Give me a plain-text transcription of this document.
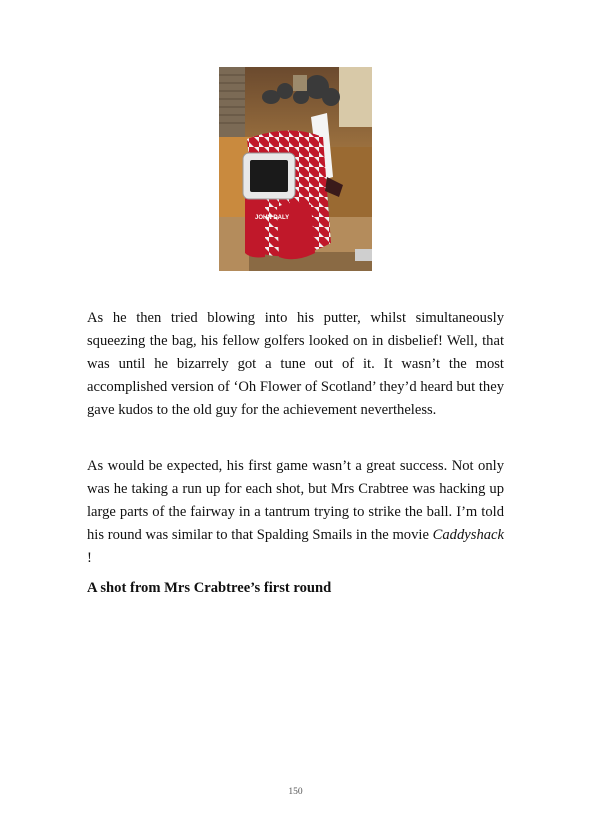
JOHN DALY

As he then tried blowing into his putter, whilst simultaneously squeezing the bag, his fellow golfers looked on in disbelief! Well, that was until he bizarrely got a tune out of it. It wasn’t the most accomplished version of ‘Oh Flower of Scotland’ they’d heard but they gave kudos to the old guy for the achievement nevertheless.

As would be expected, his first game wasn’t a great success. Not only was he taking a run up for each shot, but Mrs Crabtree was hacking up large parts of the fairway in a tantrum trying to strike the ball. I’m told his round was similar to that Spalding Smails in the movie Caddyshack !

A shot from Mrs Crabtree’s first round

150
